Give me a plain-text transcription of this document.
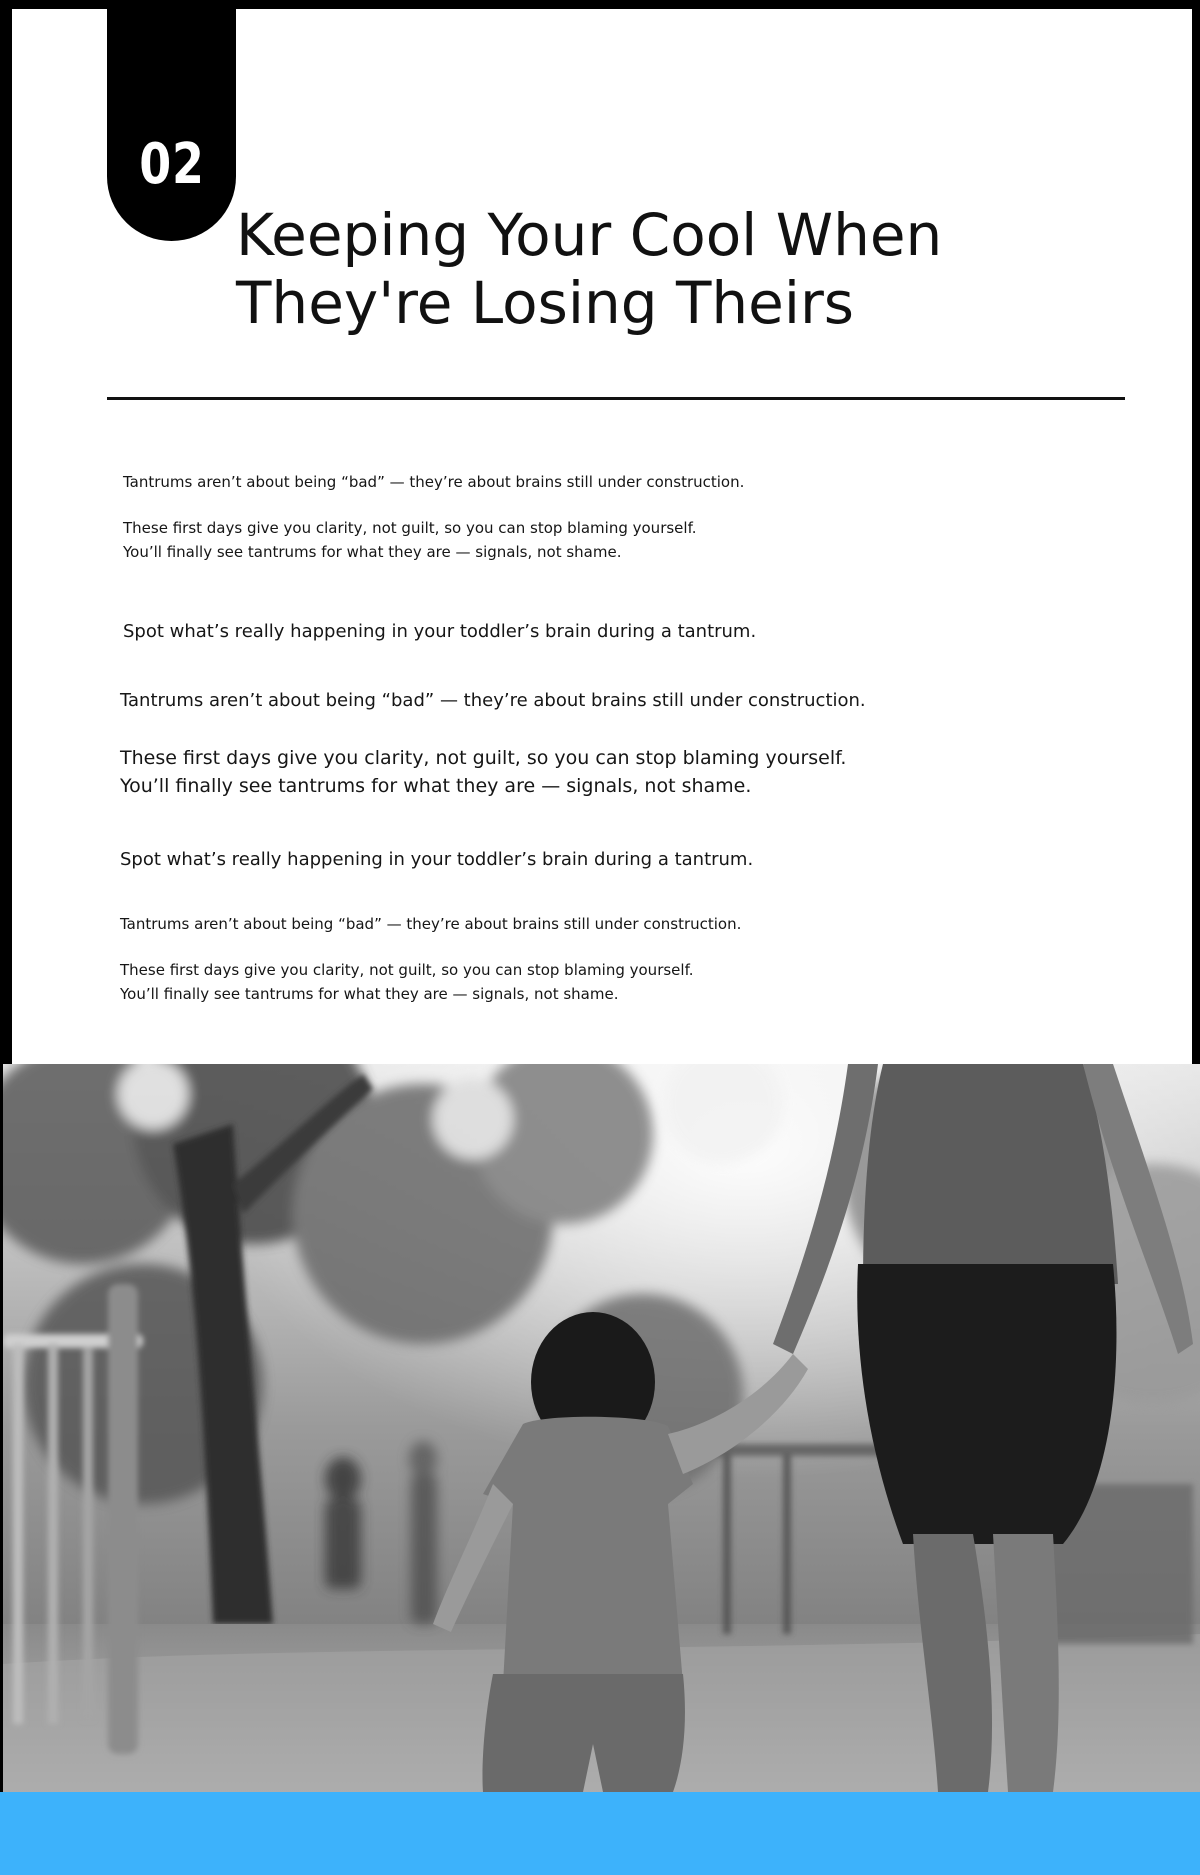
02
Keeping Your Cool When
They're Losing Theirs

Tantrums aren’t about being “bad” — they’re about brains still under construction.

These first days give you clarity, not guilt, so you can stop blaming yourself.
You’ll finally see tantrums for what they are — signals, not shame.

Spot what’s really happening in your toddler’s brain during a tantrum.

Tantrums aren’t about being “bad” — they’re about brains still under construction.

These first days give you clarity, not guilt, so you can stop blaming yourself.
You’ll finally see tantrums for what they are — signals, not shame.

Spot what’s really happening in your toddler’s brain during a tantrum.

Tantrums aren’t about being “bad” — they’re about brains still under construction.

These first days give you clarity, not guilt, so you can stop blaming yourself.
You’ll finally see tantrums for what they are — signals, not shame.
